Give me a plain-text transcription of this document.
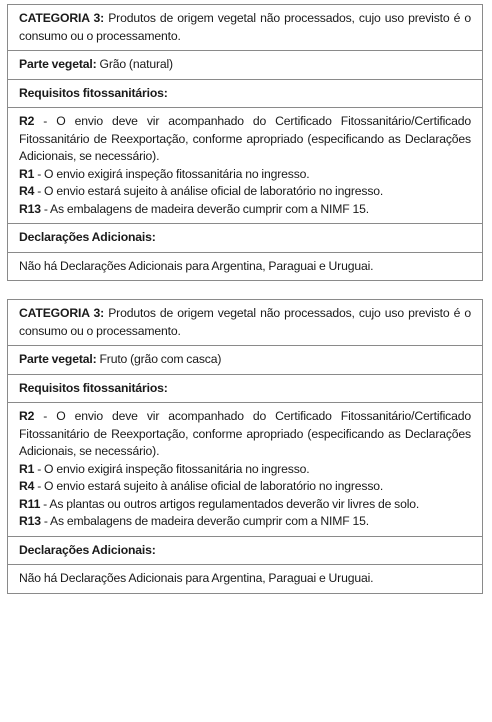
CATEGORIA 3: Produtos de origem vegetal não processados, cujo uso previsto é o consumo ou o processamento.
Parte vegetal: Grão (natural)
Requisitos fitossanitários:

R2 - O envio deve vir acompanhado do Certificado Fitossanitário/Certificado Fitossanitário de Reexportação, conforme apropriado (especificando as Declarações Adicionais, se necessário).

R1 - O envio exigirá inspeção fitossanitária no ingresso.
R4 - O envio estará sujeito à análise oficial de laboratório no ingresso.
R13 - As embalagens de madeira deverão cumprir com a NIMF 15.
Declarações Adicionais:
Não há Declarações Adicionais para Argentina, Paraguai e Uruguai.
CATEGORIA 3: Produtos de origem vegetal não processados, cujo uso previsto é o consumo ou o processamento.
Parte vegetal: Fruto (grão com casca)
Requisitos fitossanitários:

R2 - O envio deve vir acompanhado do Certificado Fitossanitário/Certificado Fitossanitário de Reexportação, conforme apropriado (especificando as Declarações Adicionais, se necessário).

R1 - O envio exigirá inspeção fitossanitária no ingresso.
R4 - O envio estará sujeito à análise oficial de laboratório no ingresso.
R11 - As plantas ou outros artigos regulamentados deverão vir livres de solo.
R13 - As embalagens de madeira deverão cumprir com a NIMF 15.
Declarações Adicionais:
Não há Declarações Adicionais para Argentina, Paraguai e Uruguai.
